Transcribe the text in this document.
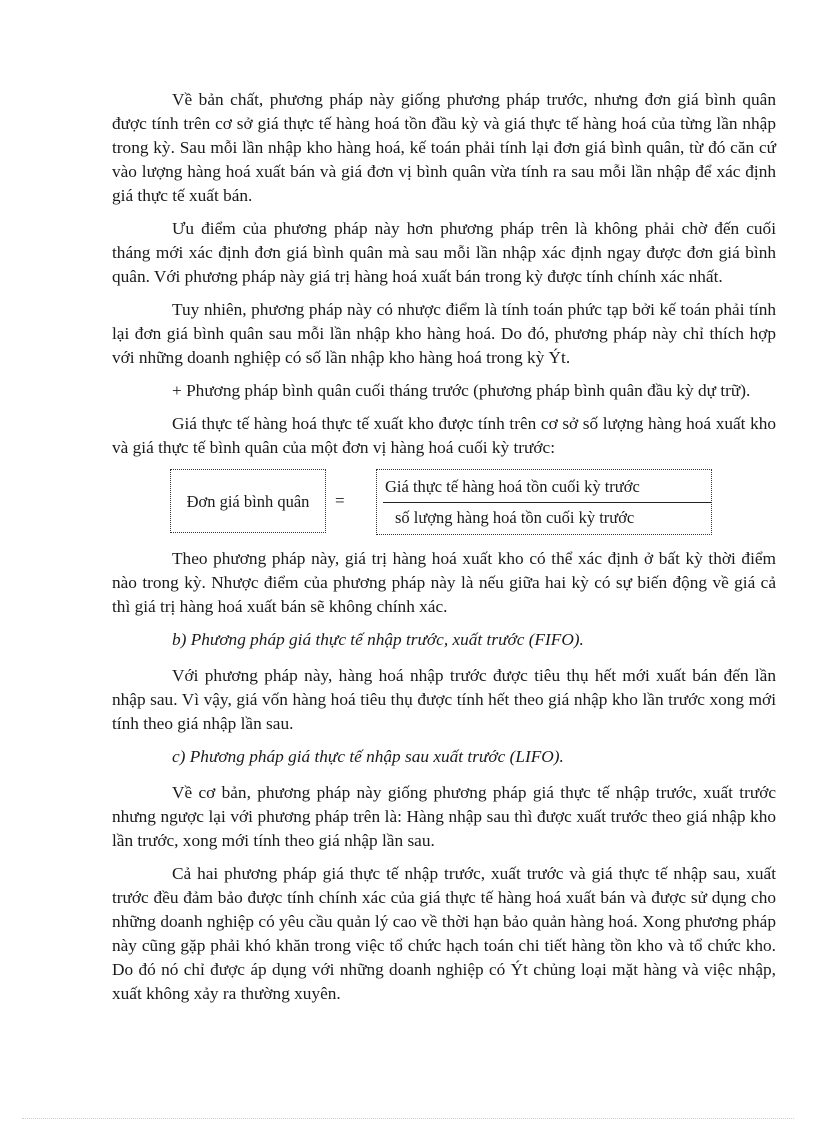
Về bản chất, phương pháp này giống phương pháp trước, nhưng đơn giá bình quân được tính trên cơ sở giá thực tế hàng hoá tồn đầu kỳ và giá thực tế hàng hoá của từng lần nhập trong kỳ. Sau mỗi lần nhập kho hàng hoá, kế toán phải tính lại đơn giá bình quân, từ đó căn cứ vào lượng hàng hoá xuất bán và giá đơn vị bình quân vừa tính ra sau mỗi lần nhập để xác định giá thực tế xuất bán.

Ưu điểm của phương pháp này hơn phương pháp trên là không phải chờ đến cuối tháng mới xác định đơn giá bình quân mà sau mỗi lần nhập xác định ngay được đơn giá bình quân. Với phương pháp này giá trị hàng hoá xuất bán trong kỳ được tính chính xác nhất.

Tuy nhiên, phương pháp này có nhược điểm là tính toán phức tạp bởi kế toán phải tính lại đơn giá bình quân sau mỗi lần nhập kho hàng hoá. Do đó, phương pháp này chỉ thích hợp với những doanh nghiệp có số lần nhập kho hàng hoá trong kỳ Ýt.

+ Phương pháp bình quân cuối tháng trước (phương pháp bình quân đầu kỳ dự trữ).

Giá thực tế hàng hoá thực tế xuất kho được tính trên cơ sở số lượng hàng hoá xuất kho và giá thực tế bình quân của một đơn vị hàng hoá cuối kỳ trước:

Đơn giá bình quân	=
Giá thực tế hàng hoá tồn cuối kỳ trước
số lượng hàng hoá tồn cuối kỳ trước

Theo phương pháp này, giá trị hàng hoá xuất kho có thể xác định ở bất kỳ thời điểm nào trong kỳ. Nhược điểm của phương pháp này là nếu giữa hai kỳ có sự biến động về giá cả thì giá trị hàng hoá xuất bán sẽ không chính xác.

b) Phương pháp giá thực tế nhập trước, xuất trước (FIFO).

Với phương pháp này, hàng hoá nhập trước được tiêu thụ hết mới xuất bán đến lần nhập sau. Vì vậy, giá vốn hàng hoá tiêu thụ được tính hết theo giá nhập kho lần trước xong mới tính theo giá nhập lần sau.

c) Phương pháp giá thực tế nhập sau xuất trước (LIFO).

Về cơ bản, phương pháp này giống phương pháp giá thực tế nhập trước, xuất trước nhưng ngược lại với phương pháp trên là: Hàng nhập sau thì được xuất trước theo giá nhập kho lần trước, xong mới tính theo giá nhập lần sau.

Cả hai phương pháp giá thực tế nhập trước, xuất trước và giá thực tế nhập sau, xuất trước đều đảm bảo được tính chính xác của giá thực tế hàng hoá xuất bán và được sử dụng cho những doanh nghiệp có yêu cầu quản lý cao về thời hạn bảo quản hàng hoá. Xong phương pháp này cũng gặp phải khó khăn trong việc tổ chức hạch toán chi tiết hàng tồn kho và tổ chức kho. Do đó nó chỉ được áp dụng với những doanh nghiệp có Ýt chủng loại mặt hàng và việc nhập, xuất không xảy ra thường xuyên.
